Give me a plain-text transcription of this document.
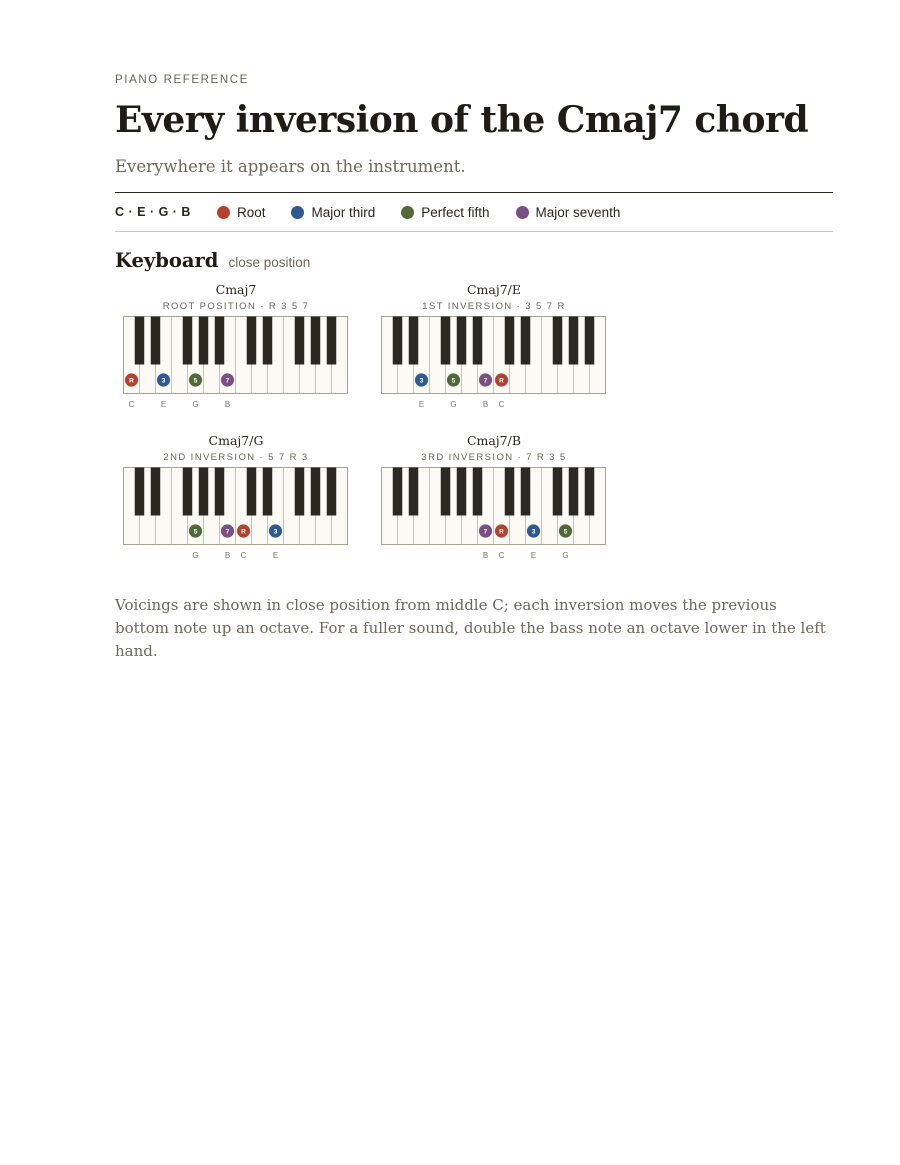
PIANO REFERENCE
Every inversion of the Cmaj7 chord
Everywhere it appears on the instrument.
C · E · G · B	Root	Major third	Perfect fifth	Major seventh
Keyboard close position
Cmaj7
ROOT POSITION · R 3 5 7
R
C
3
E
5
G
7
B
Cmaj7/E
1ST INVERSION · 3 5 7 R
3
E
5
G
7
B
R
C
Cmaj7/G
2ND INVERSION · 5 7 R 3
5
G
7
B
R
C
3
E
Cmaj7/B
3RD INVERSION · 7 R 3 5
7
B
R
C
3
E
5
G
Voicings are shown in close position from middle C; each inversion moves the previous bottom note up an octave. For a fuller sound, double the bass note an octave lower in the left hand.
